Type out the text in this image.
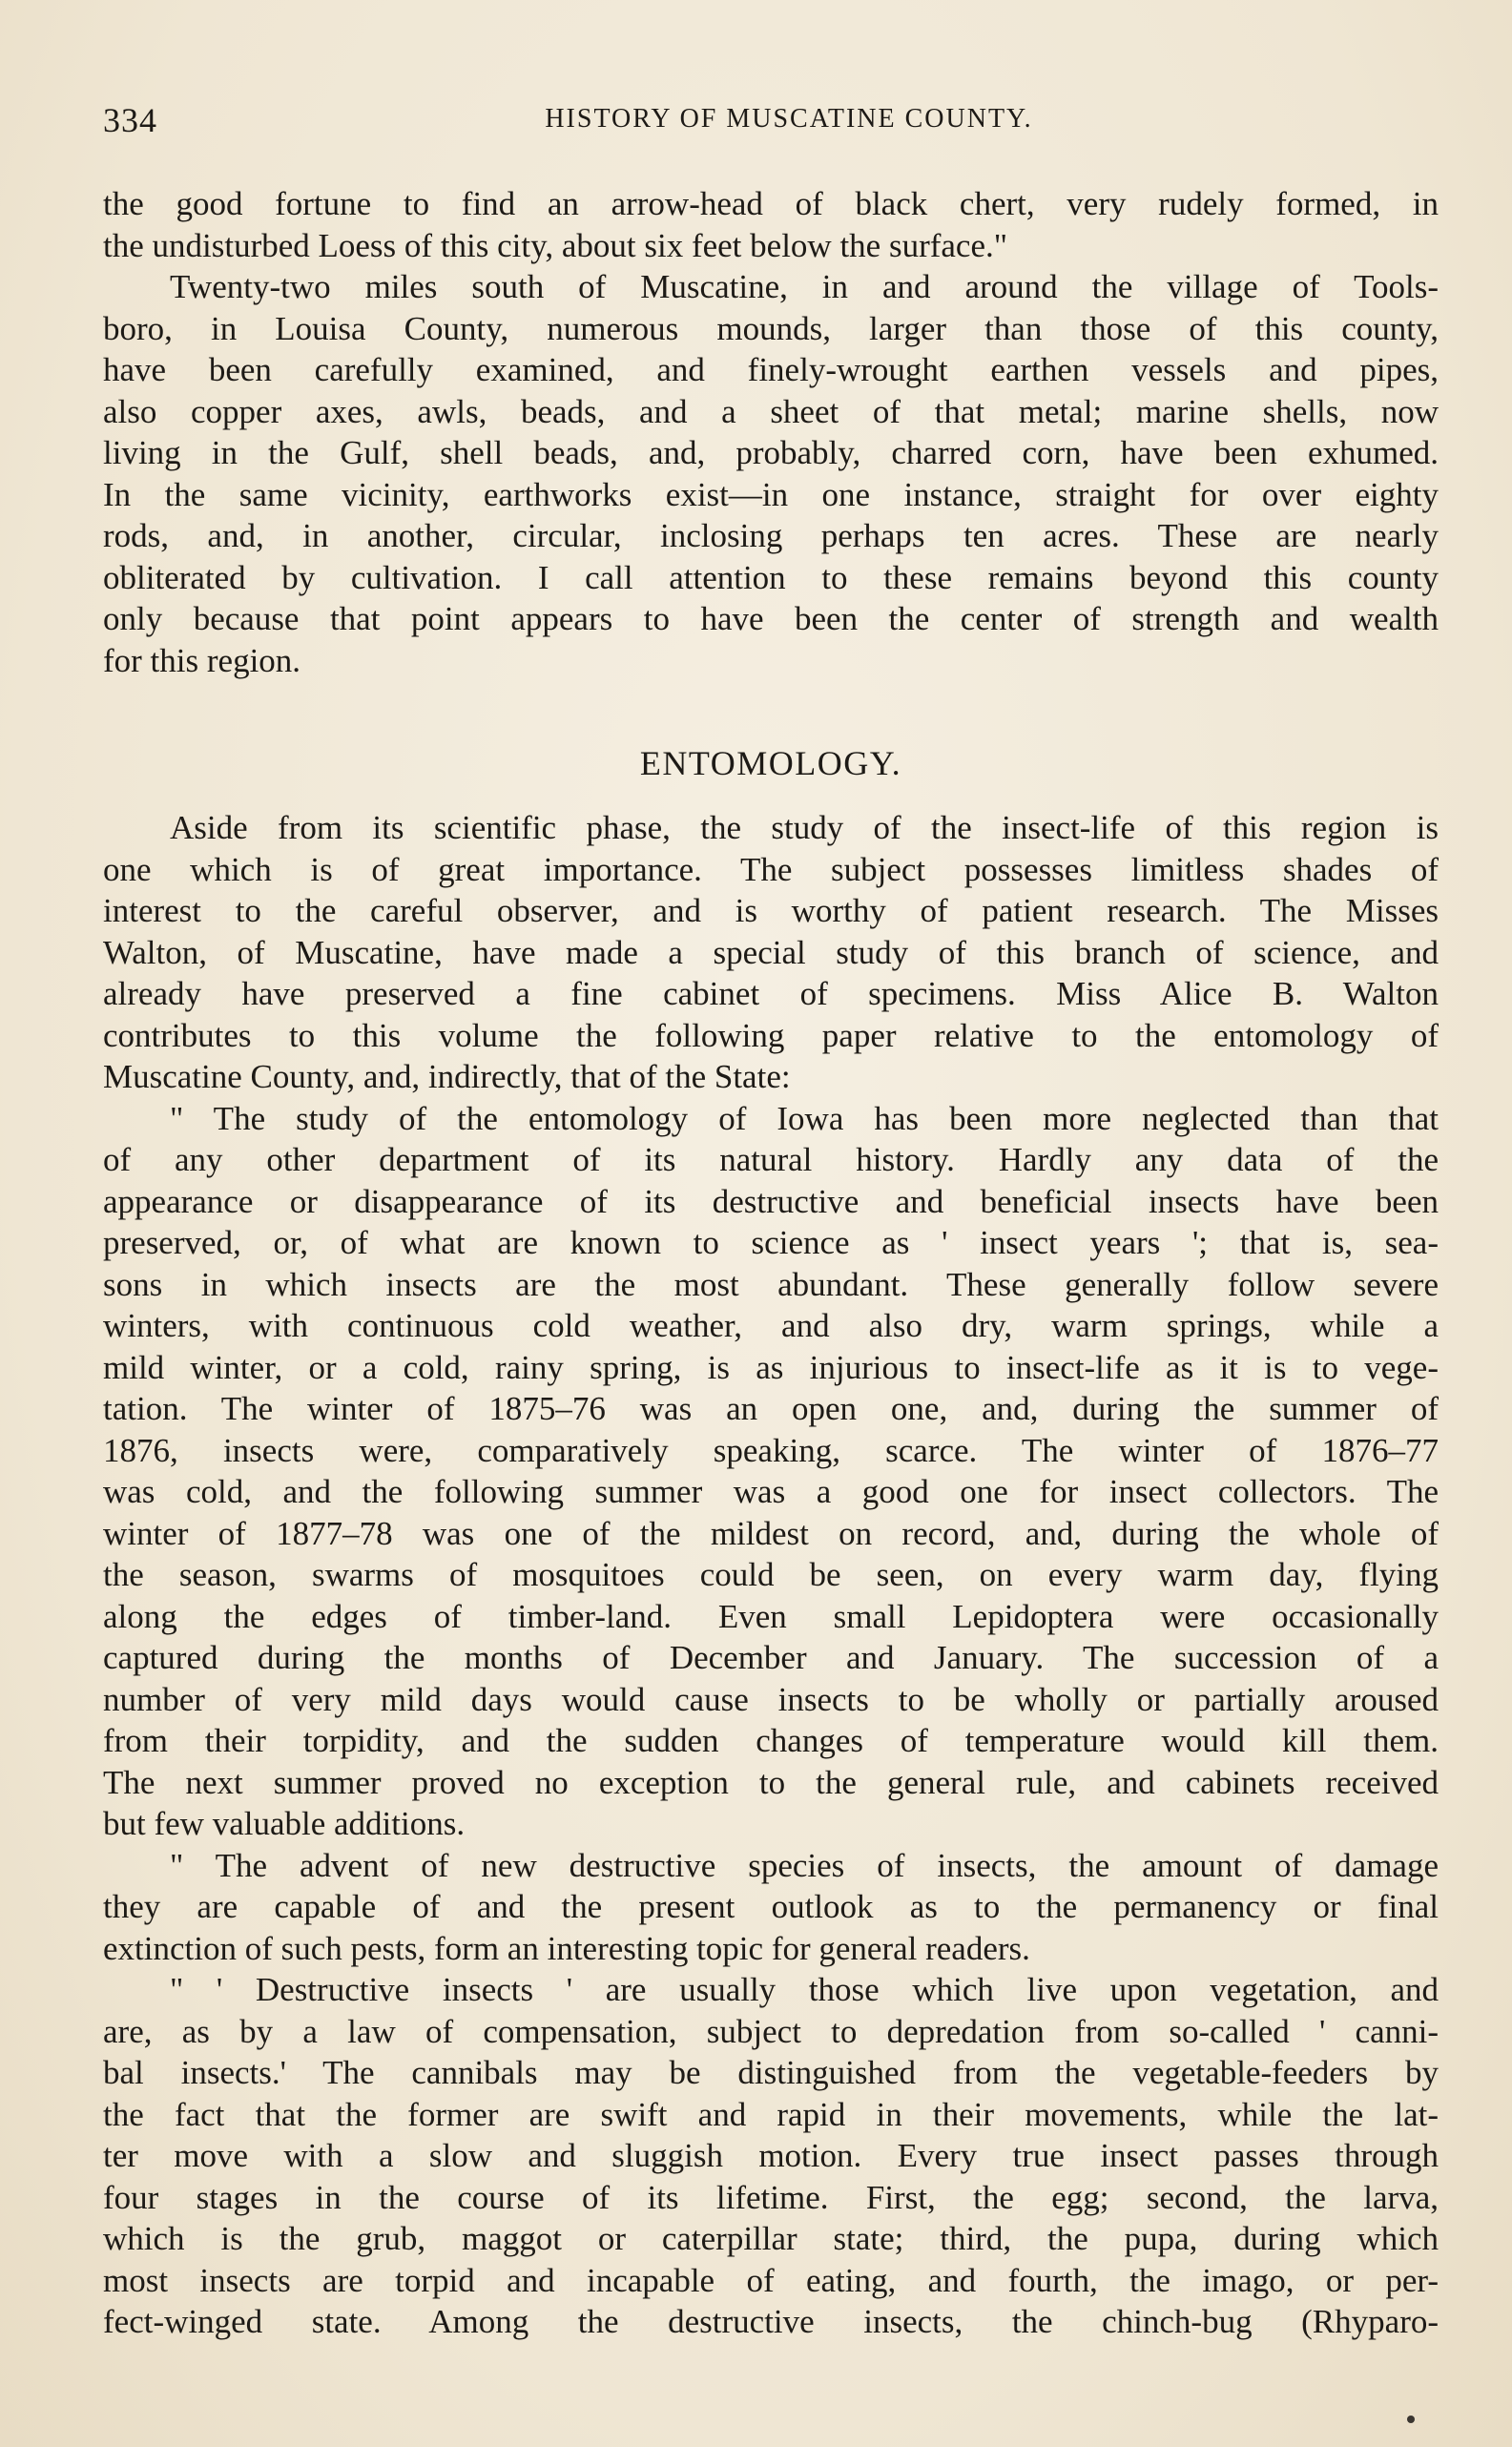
334	HISTORY OF MUSCATINE COUNTY.
the good fortune to find an arrow-head of black chert, very rudely formed, in
the undisturbed Loess of this city, about six feet below the surface."
Twenty-two miles south of Muscatine, in and around the village of Tools-
boro, in Louisa County, numerous mounds, larger than those of this county,
have been carefully examined, and finely-wrought earthen vessels and pipes,
also copper axes, awls, beads, and a sheet of that metal; marine shells, now
living in the Gulf, shell beads, and, probably, charred corn, have been exhumed.
In the same vicinity, earthworks exist—in one instance, straight for over eighty
rods, and, in another, circular, inclosing perhaps ten acres. These are nearly
obliterated by cultivation. I call attention to these remains beyond this county
only because that point appears to have been the center of strength and wealth
for this region.
ENTOMOLOGY.
Aside from its scientific phase, the study of the insect-life of this region is
one which is of great importance. The subject possesses limitless shades of
interest to the careful observer, and is worthy of patient research. The Misses
Walton, of Muscatine, have made a special study of this branch of science, and
already have preserved a fine cabinet of specimens. Miss Alice B. Walton
contributes to this volume the following paper relative to the entomology of
Muscatine County, and, indirectly, that of the State:
" The study of the entomology of Iowa has been more neglected than that
of any other department of its natural history. Hardly any data of the
appearance or disappearance of its destructive and beneficial insects have been
preserved, or, of what are known to science as ' insect years '; that is, sea-
sons in which insects are the most abundant. These generally follow severe
winters, with continuous cold weather, and also dry, warm springs, while a
mild winter, or a cold, rainy spring, is as injurious to insect-life as it is to vege-
tation. The winter of 1875–76 was an open one, and, during the summer of
1876, insects were, comparatively speaking, scarce. The winter of 1876–77
was cold, and the following summer was a good one for insect collectors. The
winter of 1877–78 was one of the mildest on record, and, during the whole of
the season, swarms of mosquitoes could be seen, on every warm day, flying
along the edges of timber-land. Even small Lepidoptera were occasionally
captured during the months of December and January. The succession of a
number of very mild days would cause insects to be wholly or partially aroused
from their torpidity, and the sudden changes of temperature would kill them.
The next summer proved no exception to the general rule, and cabinets received
but few valuable additions.
" The advent of new destructive species of insects, the amount of damage
they are capable of and the present outlook as to the permanency or final
extinction of such pests, form an interesting topic for general readers.
" ' Destructive insects ' are usually those which live upon vegetation, and
are, as by a law of compensation, subject to depredation from so-called ' canni-
bal insects.' The cannibals may be distinguished from the vegetable-feeders by
the fact that the former are swift and rapid in their movements, while the lat-
ter move with a slow and sluggish motion. Every true insect passes through
four stages in the course of its lifetime. First, the egg; second, the larva,
which is the grub, maggot or caterpillar state; third, the pupa, during which
most insects are torpid and incapable of eating, and fourth, the imago, or per-
fect-winged state. Among the destructive insects, the chinch-bug (Rhyparo-
